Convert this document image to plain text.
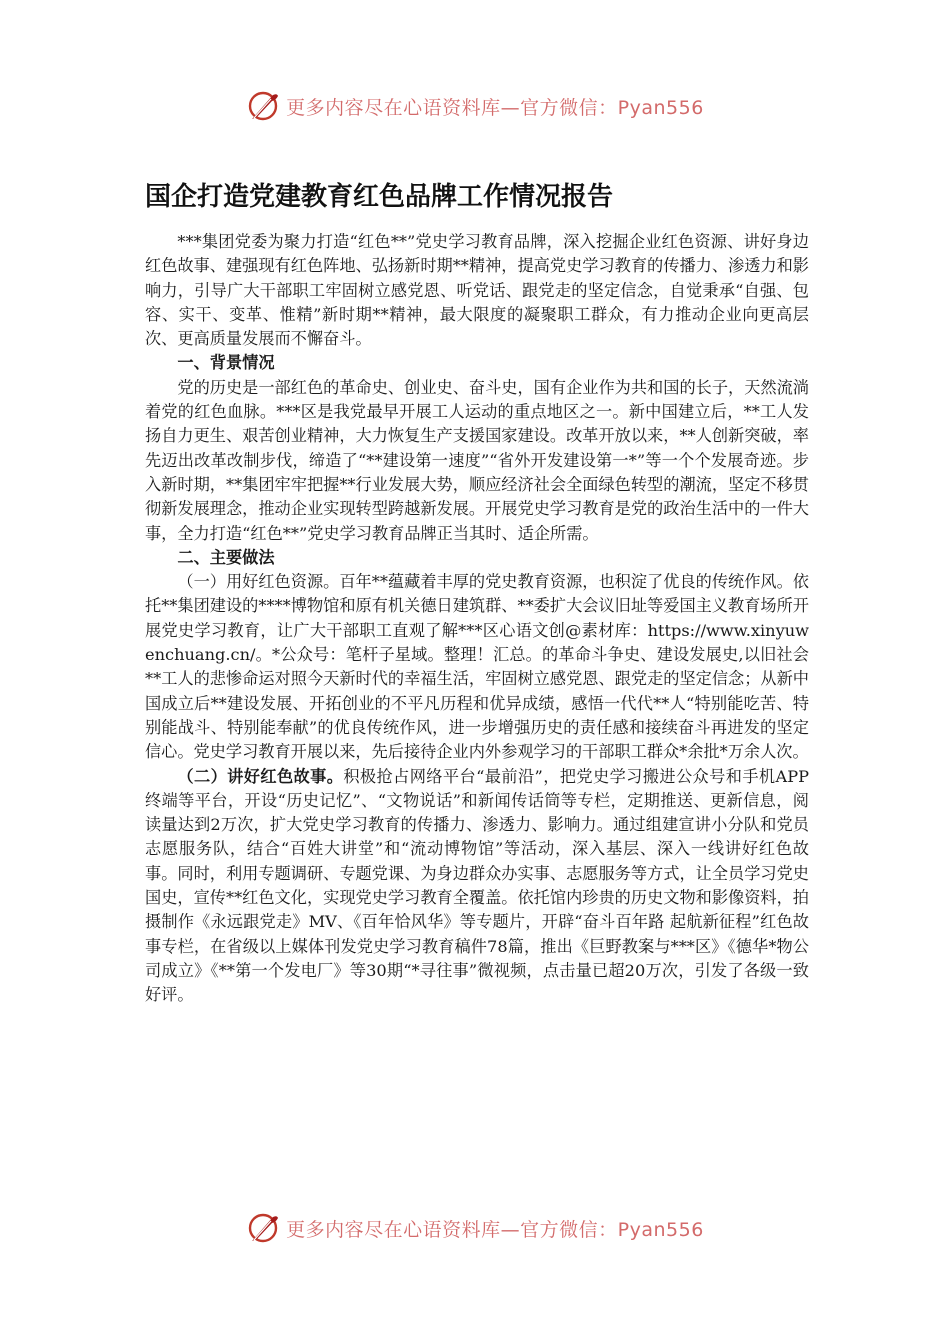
更多内容尽在心语资料库—官方微信：Pyan556
国企打造党建教育红色品牌工作情况报告

***集团党委为聚力打造“红色**”党史学习教育品牌，深入挖掘企业红色资源、讲好身边红色故事、建强现有红色阵地、弘扬新时期**精神，提高党史学习教育的传播力、渗透力和影响力，引导广大干部职工牢固树立感党恩、听党话、跟党走的坚定信念，自觉秉承“自强、包容、实干、变革、惟精”新时期**精神，最大限度的凝聚职工群众，有力推动企业向更高层次、更高质量发展而不懈奋斗。

一、背景情况

党的历史是一部红色的革命史、创业史、奋斗史，国有企业作为共和国的长子，天然流淌着党的红色血脉。***区是我党最早开展工人运动的重点地区之一。新中国建立后，**工人发扬自力更生、艰苦创业精神，大力恢复生产支援国家建设。改革开放以来，**人创新突破，率先迈出改革改制步伐，缔造了“**建设第一速度”“省外开发建设第一*”等一个个发展奇迹。步入新时期，**集团牢牢把握**行业发展大势，顺应经济社会全面绿色转型的潮流，坚定不移贯彻新发展理念，推动企业实现转型跨越新发展。开展党史学习教育是党的政治生活中的一件大事，全力打造“红色**”党史学习教育品牌正当其时、适企所需。

二、主要做法

（一）用好红色资源。百年**蕴藏着丰厚的党史教育资源，也积淀了优良的传统作风。依托**集团建设的****博物馆和原有机关德日建筑群、**委扩大会议旧址等爱国主义教育场所开展党史学习教育，让广大干部职工直观了解***区心语文创@素材库：https://www.xinyuwenchuang.cn/。*公众号：笔杆子星域。整理！汇总。的革命斗争史、建设发展史,以旧社会**工人的悲惨命运对照今天新时代的幸福生活，牢固树立感党恩、跟党走的坚定信念；从新中国成立后**建设发展、开拓创业的不平凡历程和优异成绩，感悟一代代**人“特别能吃苦、特别能战斗、特别能奉献”的优良传统作风，进一步增强历史的责任感和接续奋斗再进发的坚定信心。党史学习教育开展以来，先后接待企业内外参观学习的干部职工群众*余批*万余人次。

（二）讲好红色故事。积极抢占网络平台“最前沿”，把党史学习搬进公众号和手机APP终端等平台，开设“历史记忆”、“文物说话”和新闻传话筒等专栏，定期推送、更新信息，阅读量达到2万次，扩大党史学习教育的传播力、渗透力、影响力。通过组建宣讲小分队和党员志愿服务队，结合“百姓大讲堂”和“流动博物馆”等活动，深入基层、深入一线讲好红色故事。同时，利用专题调研、专题党课、为身边群众办实事、志愿服务等方式，让全员学习党史国史，宣传**红色文化，实现党史学习教育全覆盖。依托馆内珍贵的历史文物和影像资料，拍摄制作《永远跟党走》MV、《百年恰风华》等专题片，开辟“奋斗百年路 起航新征程”红色故事专栏，在省级以上媒体刊发党史学习教育稿件78篇，推出《巨野教案与***区》《德华*物公司成立》《**第一个发电厂》等30期“*寻往事”微视频，点击量已超20万次，引发了各级一致好评。

更多内容尽在心语资料库—官方微信：Pyan556
